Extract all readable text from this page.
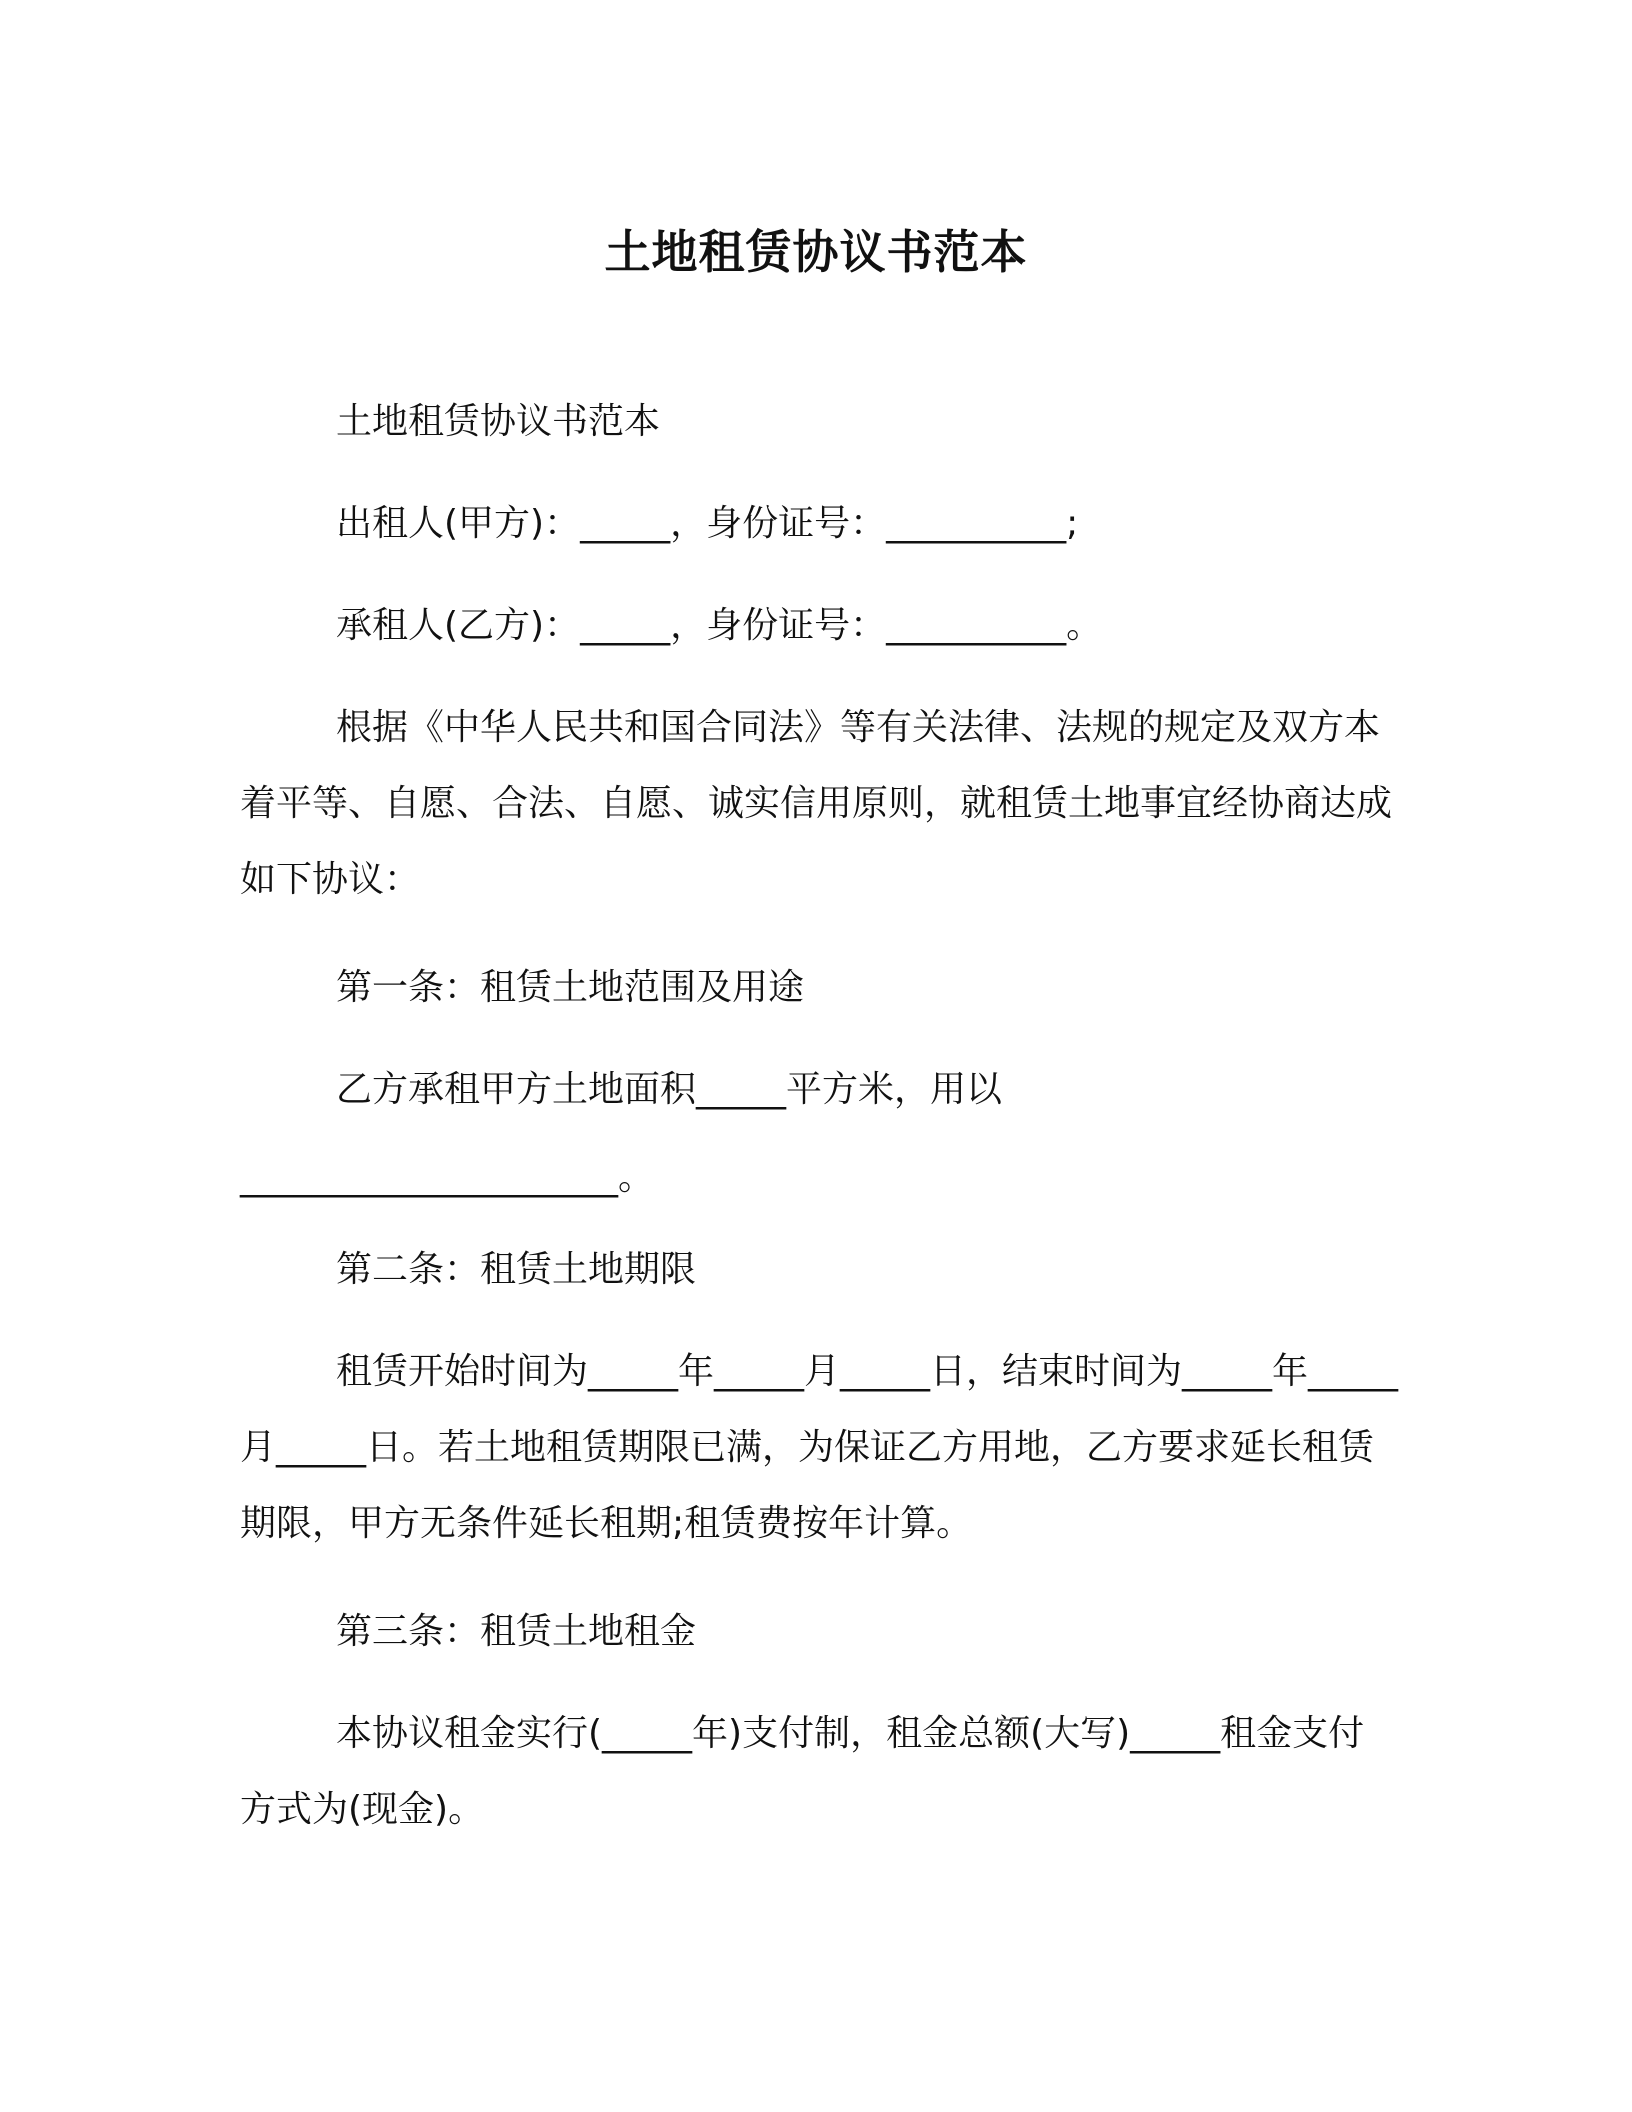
土地租赁协议书范本

土地租赁协议书范本

出租人(甲方)：_____，身份证号：__________;

承租人(乙方)：_____，身份证号：__________。

根据《中华人民共和国合同法》等有关法律、法规的规定及双方本着平等、自愿、合法、自愿、诚实信用原则，就租赁土地事宜经协商达成如下协议：

第一条：租赁土地范围及用途

乙方承租甲方土地面积_____平方米，用以

_____________________。

第二条：租赁土地期限

租赁开始时间为_____年_____月_____日，结束时间为_____年_____月_____日。若土地租赁期限已满，为保证乙方用地，乙方要求延长租赁期限，甲方无条件延长租期;租赁费按年计算。

第三条：租赁土地租金

本协议租金实行(_____年)支付制，租金总额(大写)_____租金支付方式为(现金)。
